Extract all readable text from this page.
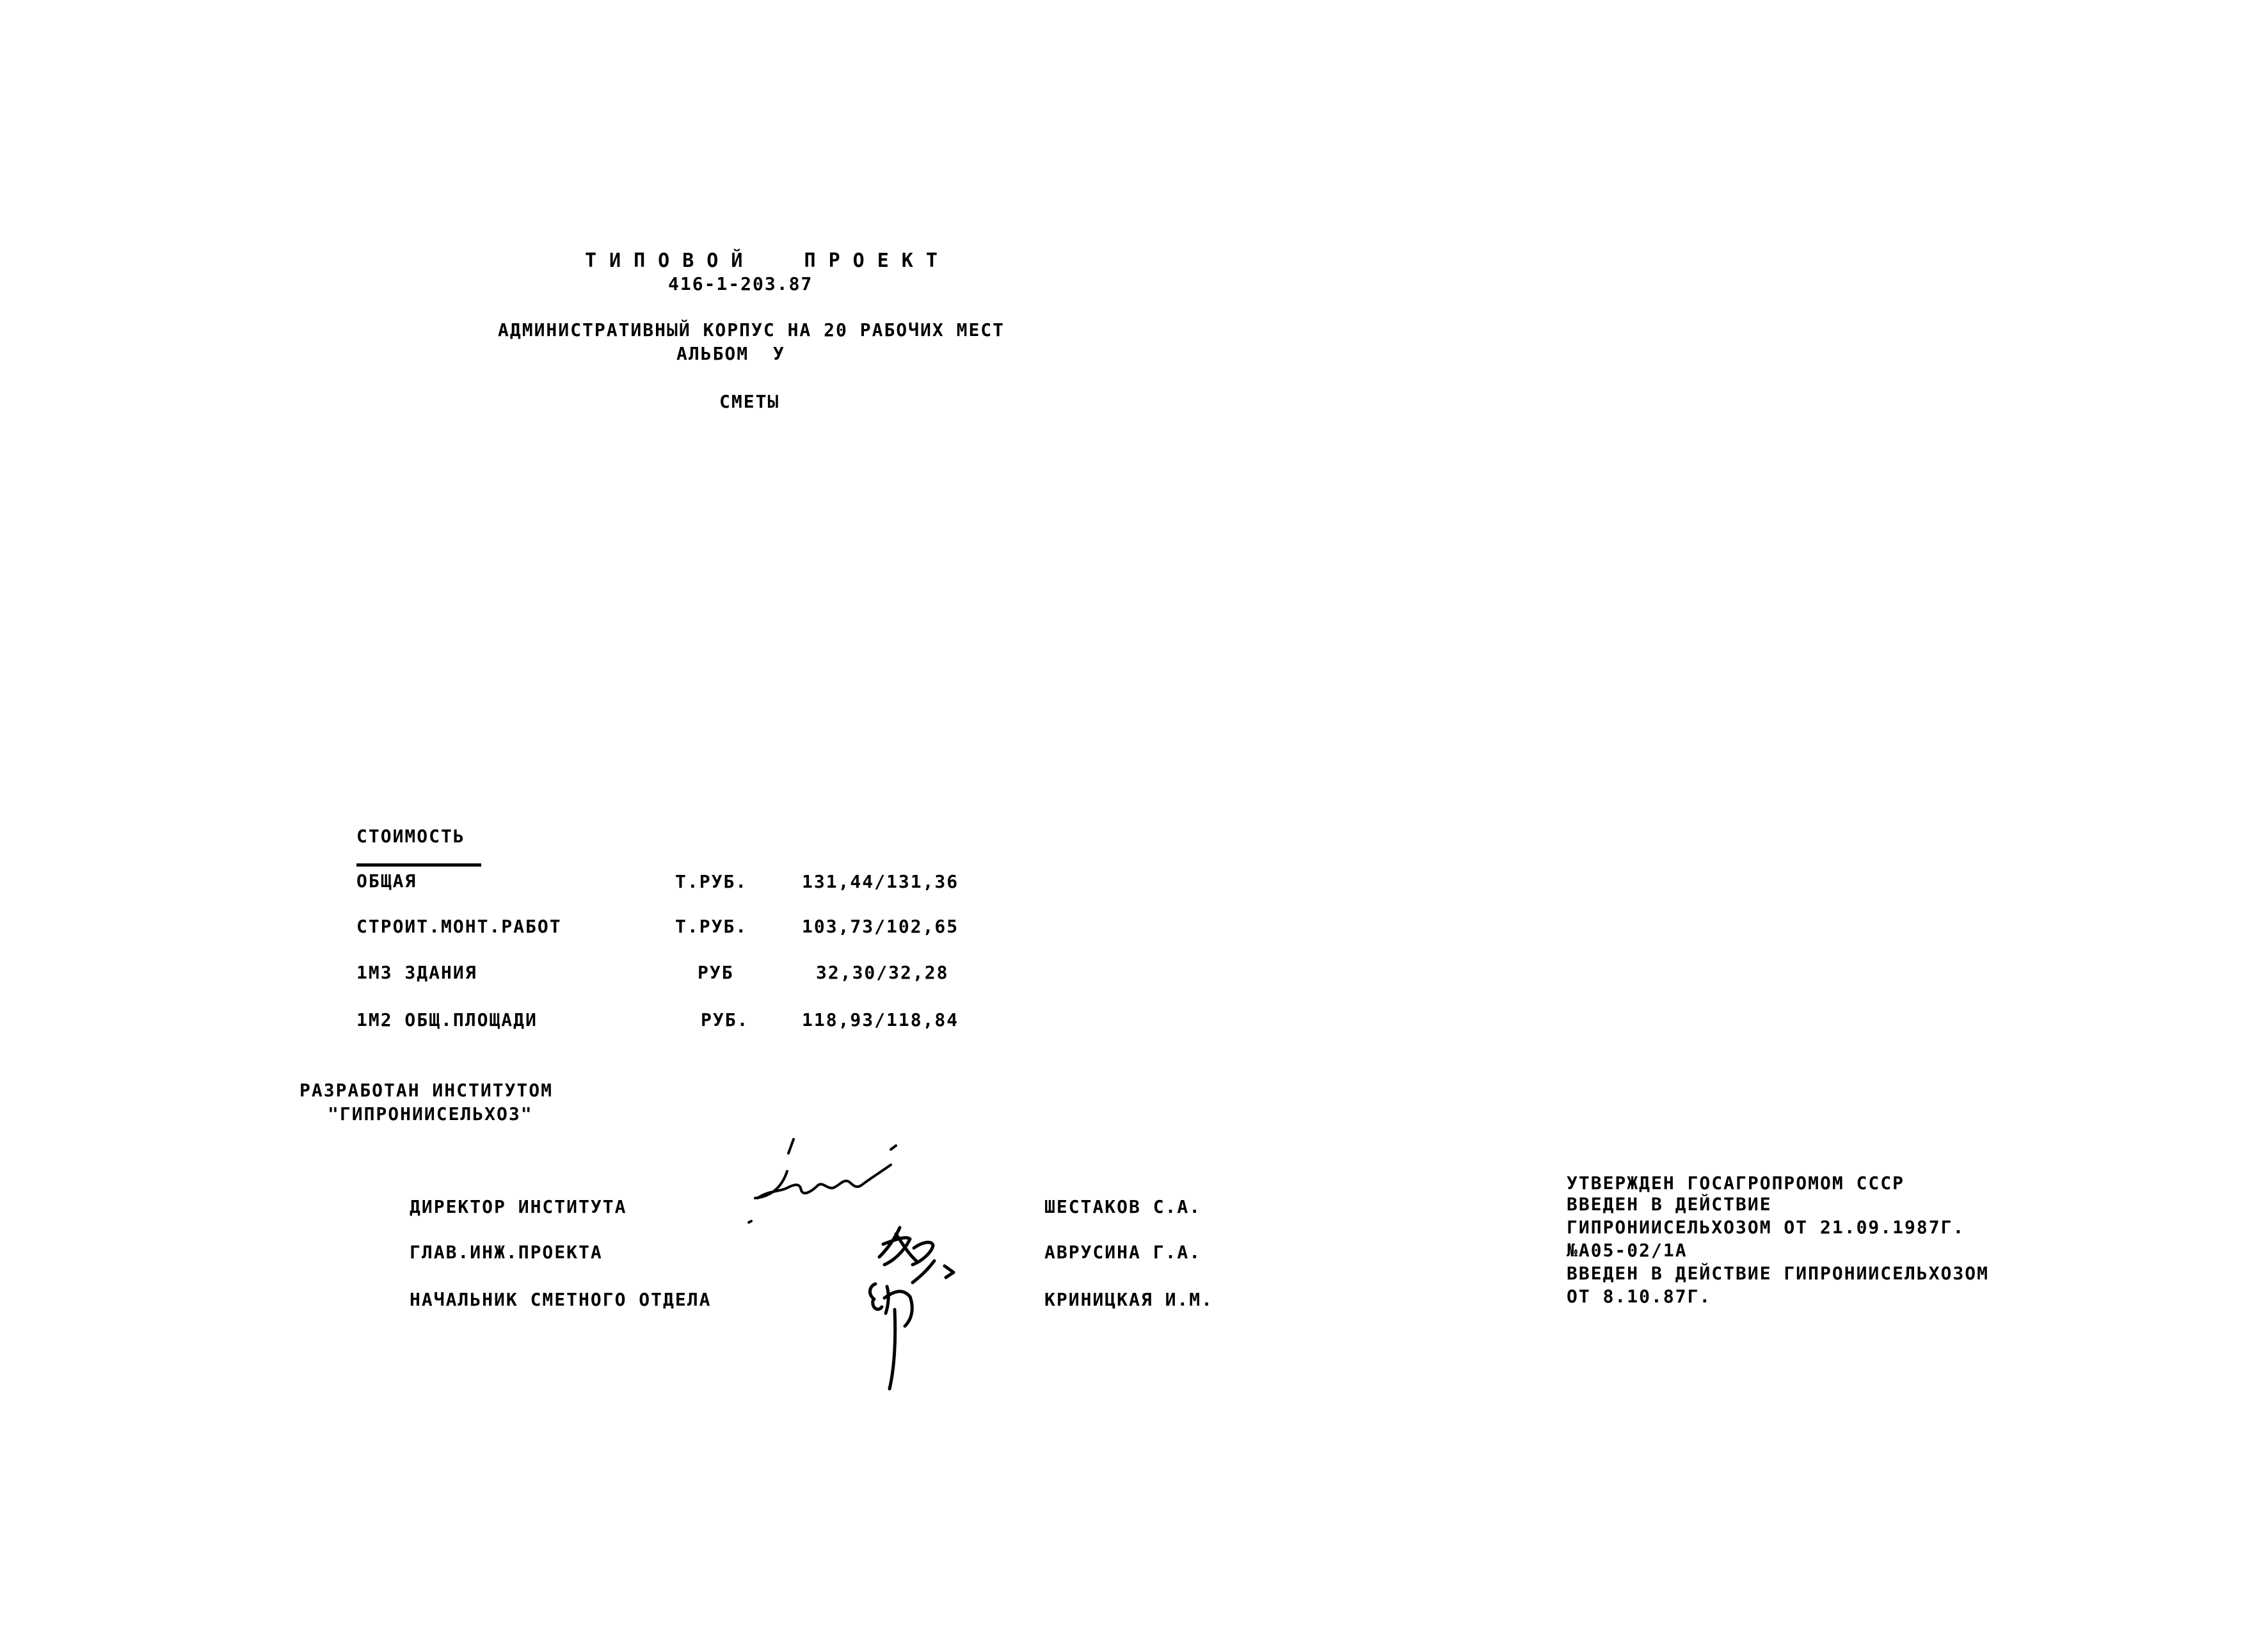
ТИПОВОЙ  ПРОЕКТ
416-1-203.87
АДМИНИСТРАТИВНЫЙ КОРПУС НА 20 РАБОЧИХ МЕСТ
АЛЬБОМ  У
СМЕТЫ
СТОИМОСТЬ
ОБЩАЯ	Т.РУБ.	131,44/131,36
СТРОИТ.МОНТ.РАБОТ	Т.РУБ.	103,73/102,65
1М3 ЗДАНИЯ	РУБ	32,30/32,28
1М2 ОБЩ.ПЛОЩАДИ	РУБ.	118,93/118,84
РАЗРАБОТАН ИНСТИТУТОМ
"ГИПРОНИИСЕЛЬХОЗ"
ДИРЕКТОР ИНСТИТУТА	ШЕСТАКОВ С.А.
ГЛАВ.ИНЖ.ПРОЕКТА	АВРУСИНА Г.А.
НАЧАЛЬНИК СМЕТНОГО ОТДЕЛА	КРИНИЦКАЯ И.М.
УТВЕРЖДЕН ГОСАГРОПРОМОМ СССР
ВВЕДЕН В ДЕЙСТВИЕ
ГИПРОНИИСЕЛЬХОЗОМ ОТ 21.09.1987Г.
№А05-02/1А
ВВЕДЕН В ДЕЙСТВИЕ ГИПРОНИИСЕЛЬХОЗОМ
ОТ 8.10.87Г.
